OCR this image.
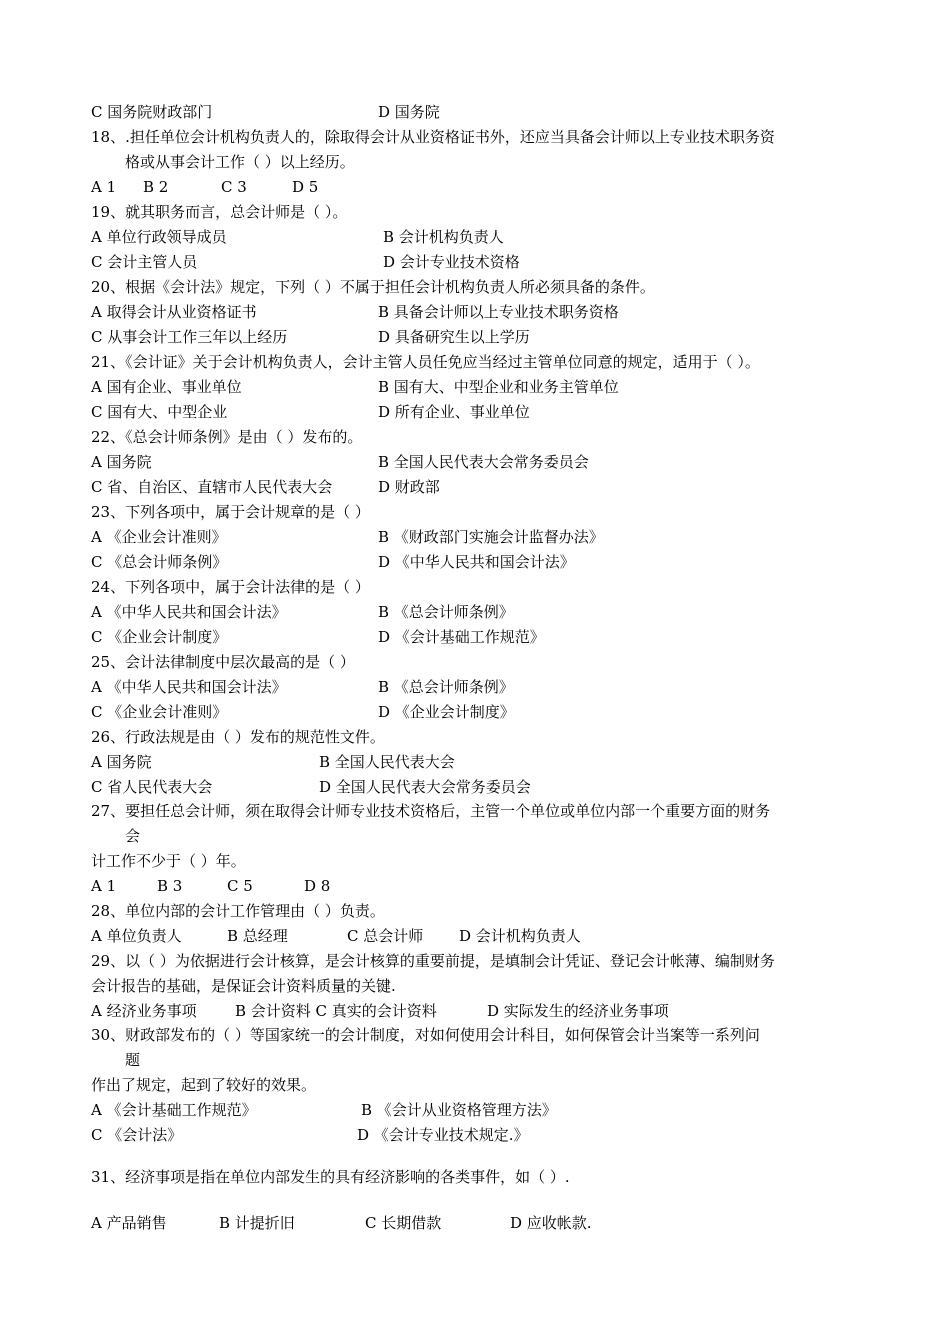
C 国务院财政部门	D 国务院
18、.担任单位会计机构负责人的，除取得会计从业资格证书外，还应当具备会计师以上专业技术职务资
格或从事会计工作（ ）以上经历。
A 1 B 2	C 3	D 5
19、就其职务而言，总会计师是（ ）。
A 单位行政领导成员	B 会计机构负责人
C 会计主管人员	D 会计专业技术资格
20、根据《会计法》规定，下列（ ）不属于担任会计机构负责人所必须具备的条件。
A 取得会计从业资格证书	B 具备会计师以上专业技术职务资格
C 从事会计工作三年以上经历	D 具备研究生以上学历
21、《会计证》关于会计机构负责人，会计主管人员任免应当经过主管单位同意的规定，适用于（ ）。
A 国有企业、事业单位	B 国有大、中型企业和业务主管单位
C 国有大、中型企业	D 所有企业、事业单位
22、《总会计师条例》是由（ ）发布的。
A 国务院	B 全国人民代表大会常务委员会
C 省、自治区、直辖市人民代表大会	D 财政部
23、下列各项中，属于会计规章的是（ ）
A 《企业会计准则》	B 《财政部门实施会计监督办法》
C 《总会计师条例》	D 《中华人民共和国会计法》
24、下列各项中，属于会计法律的是（ ）
A 《中华人民共和国会计法》	B 《总会计师条例》
C 《企业会计制度》	D 《会计基础工作规范》
25、会计法律制度中层次最高的是（ ）
A 《中华人民共和国会计法》	B 《总会计师条例》
C 《企业会计准则》	D 《企业会计制度》
26、行政法规是由（ ）发布的规范性文件。
A 国务院	B 全国人民代表大会
C 省人民代表大会	D 全国人民代表大会常务委员会
27、要担任总会计师，须在取得会计师专业技术资格后，主管一个单位或单位内部一个重要方面的财务
会
计工作不少于（ ）年。
A 1	B 3	C 5	D 8
28、单位内部的会计工作管理由（ ）负责。
A 单位负责人	B 总经理	C 总会计师 D 会计机构负责人
29、以（ ）为依据进行会计核算，是会计核算的重要前提，是填制会计凭证、登记会计帐薄、编制财务
会计报告的基础，是保证会计资料质量的关键.
A 经济业务事项	B 会计资料 C 真实的会计资料	D 实际发生的经济业务事项
30、财政部发布的（ ）等国家统一的会计制度，对如何使用会计科目，如何保管会计当案等一系列问
题
作出了规定，起到了较好的效果。
A 《会计基础工作规范》	B 《会计从业资格管理方法》
C 《会计法》	D 《会计专业技术规定.》
31、经济事项是指在单位内部发生的具有经济影响的各类事件，如（ ）.
A 产品销售	B 计提折旧	C 长期借款	D 应收帐款.
